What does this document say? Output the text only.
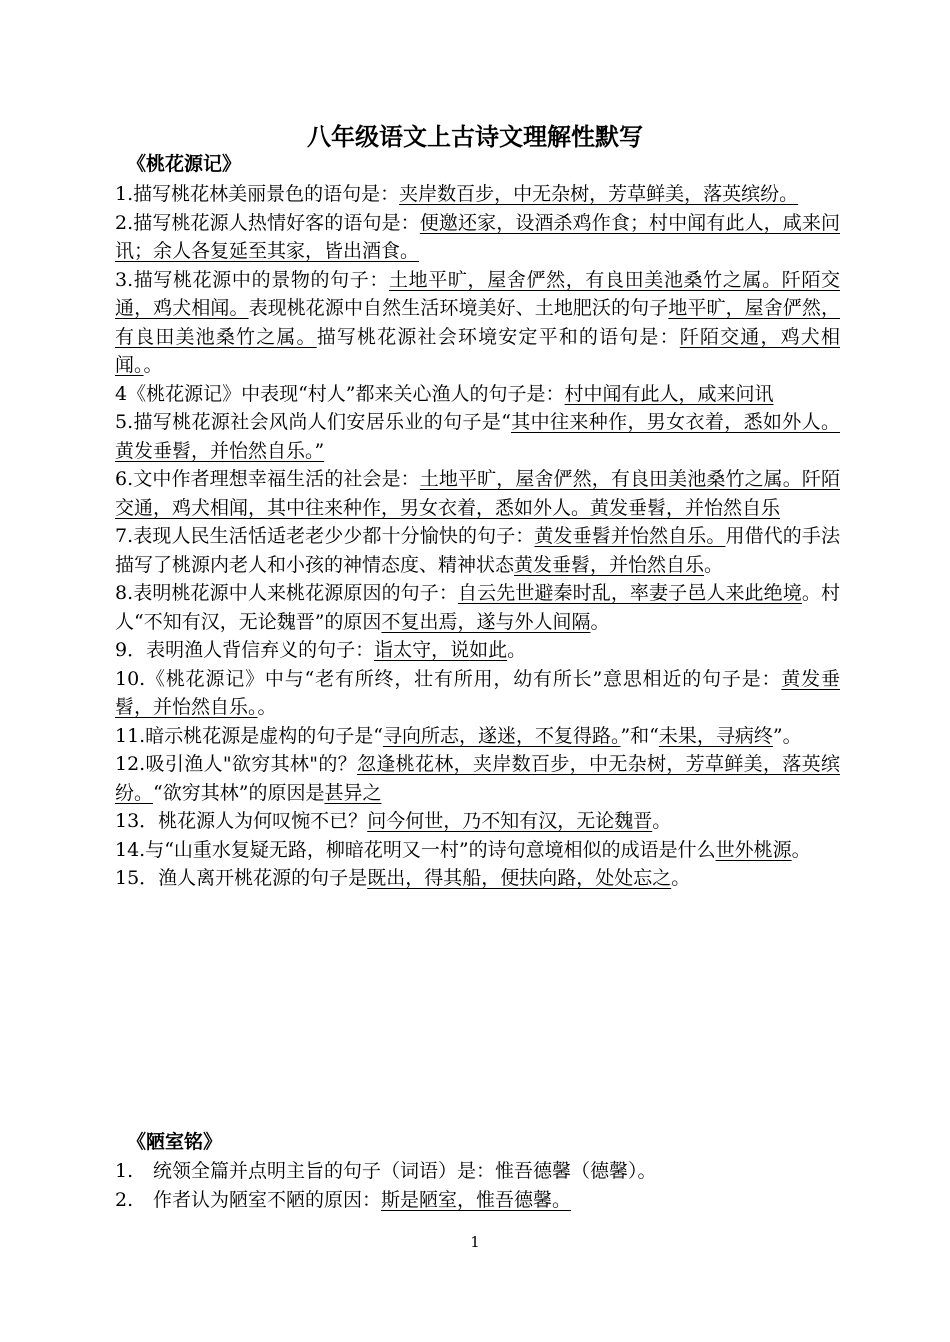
八年级语文上古诗文理解性默写
《桃花源记》

1.描写桃花林美丽景色的语句是：夹岸数百步，中无杂树，芳草鲜美，落英缤纷。

2.描写桃花源人热情好客的语句是：便邀还家，设酒杀鸡作食；村中闻有此人，咸来问讯；余人各复延至其家，皆出酒食。

3.描写桃花源中的景物的句子：土地平旷，屋舍俨然，有良田美池桑竹之属。阡陌交通，鸡犬相闻。表现桃花源中自然生活环境美好、土地肥沃的句子地平旷，屋舍俨然，有良田美池桑竹之属。描写桃花源社会环境安定平和的语句是：阡陌交通，鸡犬相闻。。

4《桃花源记》中表现“村人”都来关心渔人的句子是：村中闻有此人，咸来问讯

5.描写桃花源社会风尚人们安居乐业的句子是“其中往来种作，男女衣着，悉如外人。黄发垂髫，并怡然自乐。”

6.文中作者理想幸福生活的社会是：土地平旷，屋舍俨然，有良田美池桑竹之属。阡陌交通，鸡犬相闻，其中往来种作，男女衣着，悉如外人。黄发垂髫，并怡然自乐

7.表现人民生活恬适老老少少都十分愉快的句子：黄发垂髫并怡然自乐。用借代的手法描写了桃源内老人和小孩的神情态度、精神状态黄发垂髫，并怡然自乐。

8.表明桃花源中人来桃花源原因的句子：自云先世避秦时乱，率妻子邑人来此绝境。村人“不知有汉，无论魏晋”的原因不复出焉，遂与外人间隔。

9．表明渔人背信弃义的句子：诣太守，说如此。

10.《桃花源记》中与“老有所终，壮有所用，幼有所长”意思相近的句子是：黄发垂髫，并怡然自乐。。

11.暗示桃花源是虚构的句子是“寻向所志，遂迷，不复得路。”和“未果，寻病终”。

12.吸引渔人"欲穷其林"的？忽逢桃花林，夹岸数百步，中无杂树，芳草鲜美，落英缤纷。“欲穷其林”的原因是甚异之

13．桃花源人为何叹惋不已？问今何世，乃不知有汉，无论魏晋。

14.与“山重水复疑无路，柳暗花明又一村”的诗句意境相似的成语是什么世外桃源。

15．渔人离开桃花源的句子是既出，得其船，便扶向路，处处忘之。

《陋室铭》
1. 统领全篇并点明主旨的句子（词语）是：惟吾德馨（德馨）。
2. 作者认为陋室不陋的原因：斯是陋室，惟吾德馨。
1
